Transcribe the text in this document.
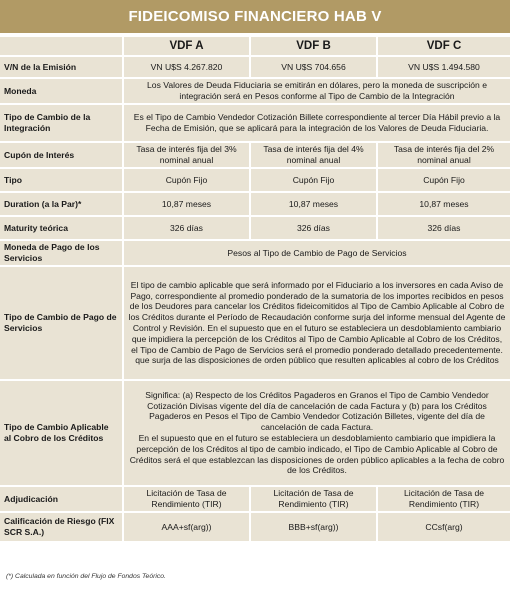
FIDEICOMISO FINANCIERO HAB V
	VDF A	VDF B	VDF C
V/N de la Emisión	VN U$S 4.267.820	VN U$S 704.656	VN U$S 1.494.580
Moneda	Los Valores de Deuda Fiduciaria se emitirán en dólares, pero la moneda de suscripción e integración será en Pesos conforme al Tipo de Cambio de la Integración		
Tipo de Cambio de la Integración	Es el Tipo de Cambio Vendedor Cotización Billete correspondiente al tercer Día Hábil previo a la Fecha de Emisión, que se aplicará para la integración de los Valores de Deuda Fiduciaria.		
Cupón de Interés	Tasa de interés fija del 3% nominal anual	Tasa de interés fija del 4% nominal anual	Tasa de interés fija del 2% nominal anual
Tipo	Cupón Fijo	Cupón Fijo	Cupón Fijo
Duration (a la Par)*	10,87 meses	10,87 meses	10,87 meses
Maturity teórica	326 días	326 días	326 días
Moneda de Pago de los Servicios	Pesos al Tipo de Cambio de Pago de Servicios		
Tipo de Cambio de Pago de Servicios	El tipo de cambio aplicable que será informado por el Fiduciario a los inversores en cada Aviso de Pago, correspondiente al promedio ponderado de la sumatoria de los importes recibidos en pesos de los Deudores para cancelar los Créditos fideicomitidos al Tipo de Cambio Aplicable al Cobro de los Créditos durante el Período de Recaudación conforme surja del informe mensual del Agente de Control y Revisión. En el supuesto que en el futuro se estableciera un desdoblamiento cambiario que impidiera la percepción de los Créditos al Tipo de Cambio Aplicable al Cobro de los Créditos, el Tipo de Cambio de Pago de Servicios será el promedio ponderado detallado precedentemente. que surja de las disposiciones de orden público que resulten aplicables al cobro de los Créditos		
Tipo de Cambio Aplicable al Cobro de los Créditos	Significa: (a) Respecto de los Créditos Pagaderos en Granos el Tipo de Cambio Vendedor Cotización Divisas vigente del día de cancelación de cada Factura y (b) para los Créditos Pagaderos en Pesos el Tipo de Cambio Vendedor Cotización Billetes, vigente del día de cancelación de cada Factura.
En el supuesto que en el futuro se estableciera un desdoblamiento cambiario que impidiera la percepción de los Créditos al tipo de cambio indicado, el Tipo de Cambio Aplicable al Cobro de Créditos será el que establezcan las disposiciones de orden público aplicables a la fecha de cobro de los Créditos.		

Adjudicación	Licitación de Tasa de Rendimiento (TIR)	Licitación de Tasa de Rendimiento (TIR)	Licitación de Tasa de Rendimiento (TIR)
Calificación de Riesgo (FIX SCR S.A.)	AAA+sf(arg))	BBB+sf(arg))	CCsf(arg)
(*) Calculada en función del Flujo de Fondos Teórico.
